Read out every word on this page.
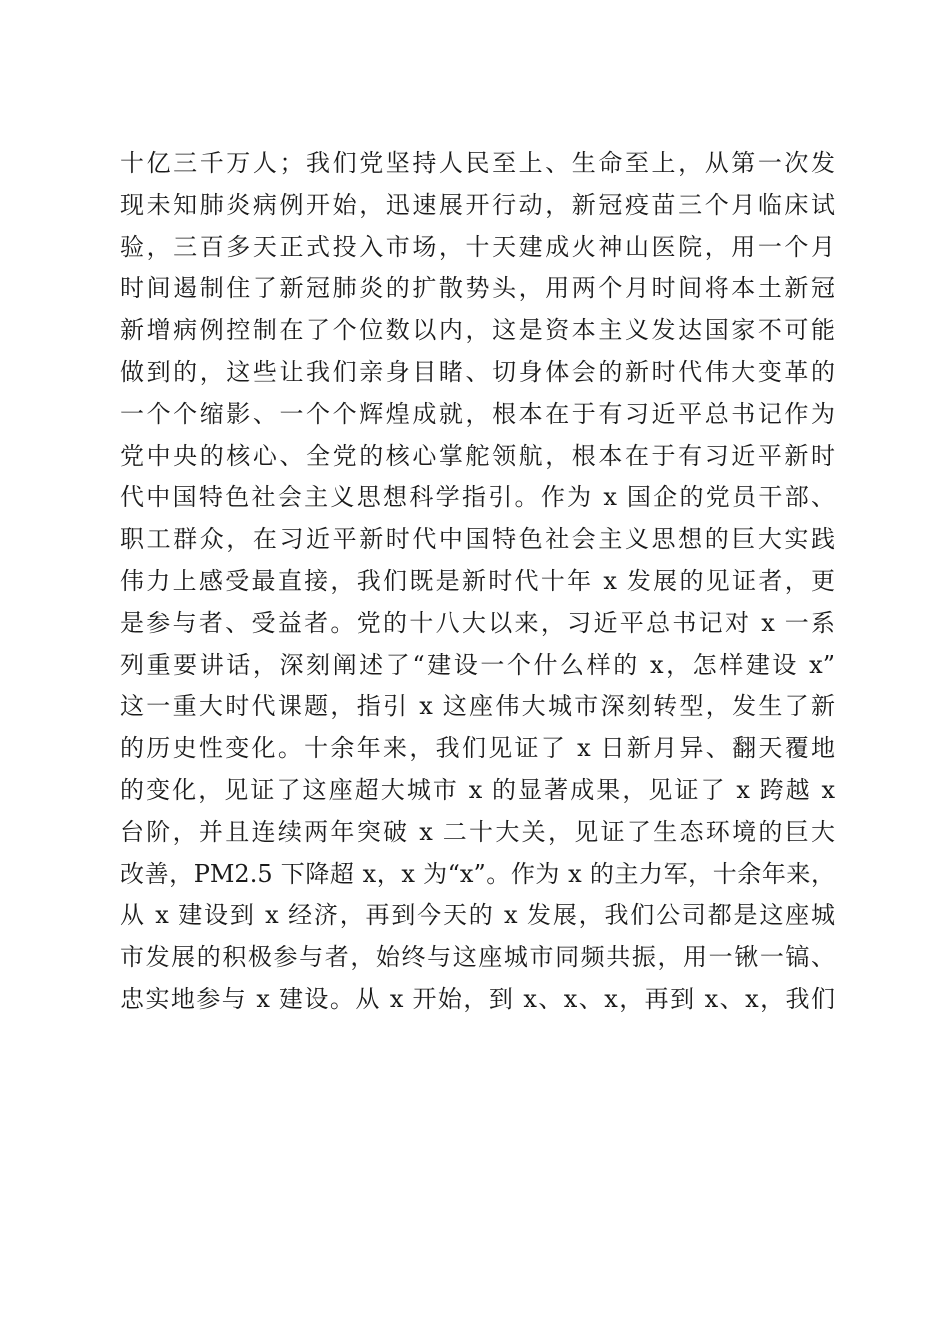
十亿三千万人；我们党坚持人民至上、生命至上，从第一次发
现未知肺炎病例开始，迅速展开行动，新冠疫苗三个月临床试
验，三百多天正式投入市场，十天建成火神山医院，用一个月
时间遏制住了新冠肺炎的扩散势头，用两个月时间将本土新冠
新增病例控制在了个位数以内，这是资本主义发达国家不可能
做到的，这些让我们亲身目睹、切身体会的新时代伟大变革的
一个个缩影、一个个辉煌成就，根本在于有习近平总书记作为
党中央的核心、全党的核心掌舵领航，根本在于有习近平新时
代中国特色社会主义思想科学指引。作为 x 国企的党员干部、
职工群众，在习近平新时代中国特色社会主义思想的巨大实践
伟力上感受最直接，我们既是新时代十年 x 发展的见证者，更
是参与者、受益者。党的十八大以来，习近平总书记对 x 一系
列重要讲话，深刻阐述了“建设一个什么样的 x，怎样建设 x”
这一重大时代课题，指引 x 这座伟大城市深刻转型，发生了新
的历史性变化。十余年来，我们见证了 x 日新月异、翻天覆地
的变化，见证了这座超大城市 x 的显著成果，见证了 x 跨越 x
台阶，并且连续两年突破 x 二十大关，见证了生态环境的巨大
改善，PM2.5 下降超 x，x 为“x”。作为 x 的主力军，十余年来，
从 x 建设到 x 经济，再到今天的 x 发展，我们公司都是这座城
市发展的积极参与者，始终与这座城市同频共振，用一锹一镐、
忠实地参与 x 建设。从 x 开始，到 x、x、x，再到 x、x，我们
